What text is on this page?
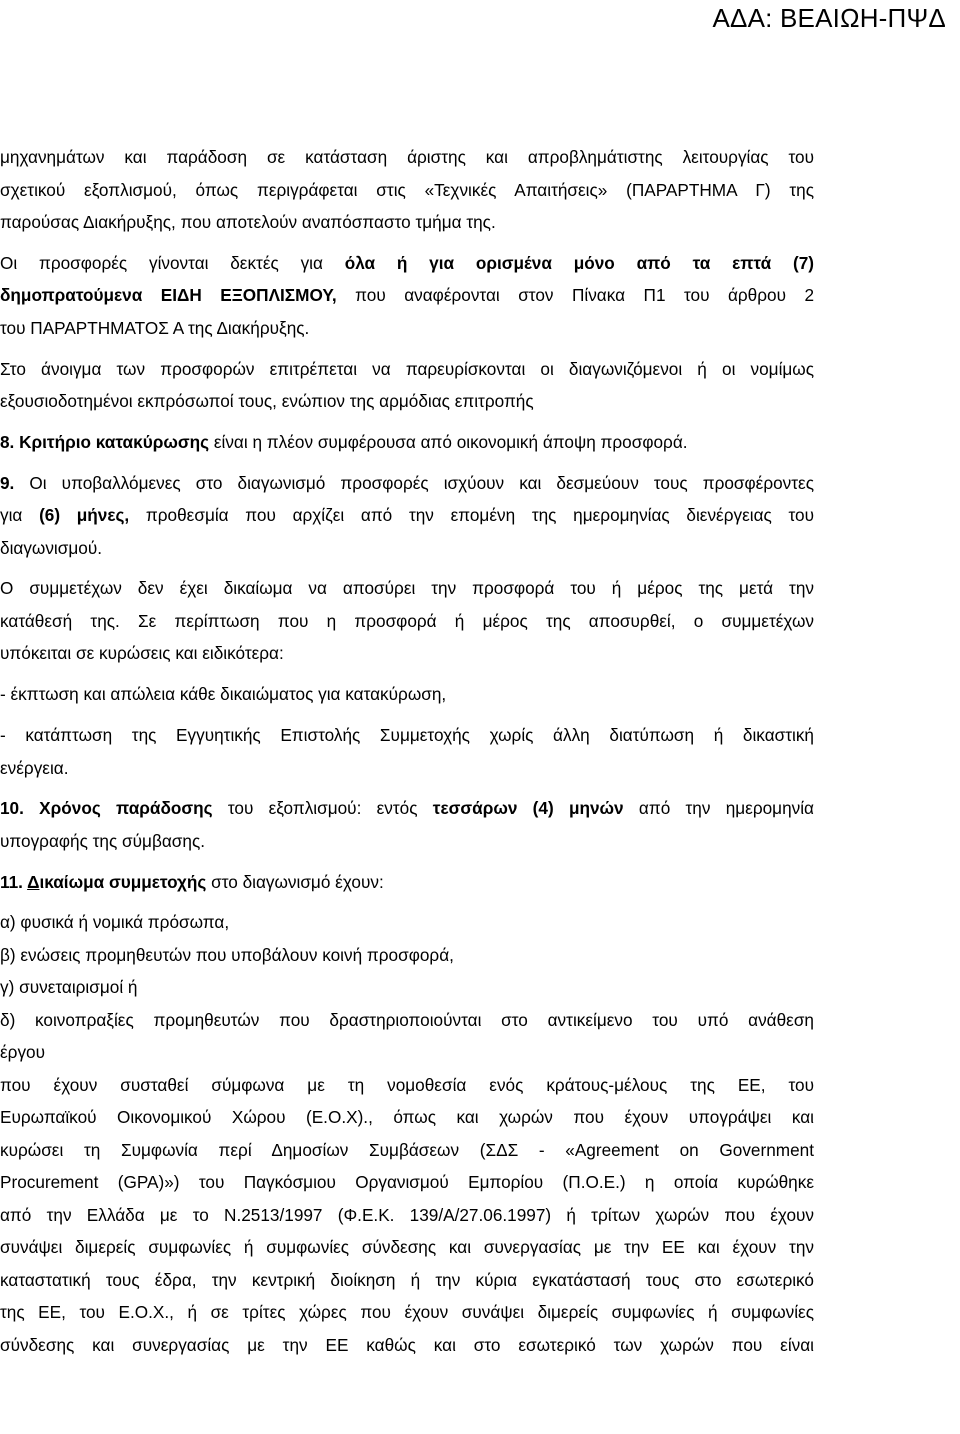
ΑΔΑ: ΒΕΑΙΩΗ-ΠΨΔ
μηχανημάτων και παράδοση σε κατάσταση άριστης και απροβλημάτιστης λειτουργίας του
σχετικού εξοπλισμού, όπως περιγράφεται στις «Τεχνικές Απαιτήσεις» (ΠΑΡΑΡΤΗΜΑ Γ) της
παρούσας Διακήρυξης, που αποτελούν αναπόσπαστο τμήμα της.
Οι προσφορές γίνονται δεκτές για όλα ή για ορισμένα μόνο από τα επτά (7)
δημοπρατούμενα ΕΙΔΗ ΕΞΟΠΛΙΣΜΟΥ, που αναφέρονται στον Πίνακα Π1 του άρθρου 2
του ΠΑΡΑΡΤΗΜΑΤΟΣ Α της Διακήρυξης.
Στο άνοιγμα των προσφορών επιτρέπεται να παρευρίσκονται οι διαγωνιζόμενοι ή οι νομίμως
εξουσιοδοτημένοι εκπρόσωποί τους, ενώπιον της αρμόδιας επιτροπής
8. Κριτήριο κατακύρωσης είναι η πλέον συμφέρουσα από οικονομική άποψη προσφορά.
9. Οι υποβαλλόμενες στο διαγωνισμό προσφορές ισχύουν και δεσμεύουν τους προσφέροντες
για (6) μήνες, προθεσμία που αρχίζει από την επομένη της ημερομηνίας διενέργειας του
διαγωνισμού.
Ο συμμετέχων δεν έχει δικαίωμα να αποσύρει την προσφορά του ή μέρος της μετά την
κατάθεσή της. Σε περίπτωση που η προσφορά ή μέρος της αποσυρθεί, ο συμμετέχων
υπόκειται σε κυρώσεις και ειδικότερα:
- έκπτωση και απώλεια κάθε δικαιώματος για κατακύρωση,
- κατάπτωση της Εγγυητικής Επιστολής Συμμετοχής χωρίς άλλη διατύπωση ή δικαστική
ενέργεια.
10. Χρόνος παράδοσης του εξοπλισμού: εντός τεσσάρων (4) μηνών από την ημερομηνία
υπογραφής της σύμβασης.
11. Δικαίωμα συμμετοχής στο διαγωνισμό έχουν:
α) φυσικά ή νομικά πρόσωπα,
β) ενώσεις προμηθευτών που υποβάλουν κοινή προσφορά,
γ) συνεταιρισμοί ή
δ) κοινοπραξίες προμηθευτών που δραστηριοποιούνται στο αντικείμενο του υπό ανάθεση
έργου
που έχουν συσταθεί σύμφωνα με τη νομοθεσία ενός κράτους-μέλους της ΕΕ, του
Ευρωπαϊκού Οικονομικού Χώρου (Ε.Ο.Χ)., όπως και χωρών που έχουν υπογράψει και
κυρώσει τη Συμφωνία περί Δημοσίων Συμβάσεων (ΣΔΣ - «Agreement on Government
Procurement (GPA)») του Παγκόσμιου Οργανισμού Εμπορίου (Π.Ο.Ε.) η οποία κυρώθηκε
από την Ελλάδα με το Ν.2513/1997 (Φ.Ε.Κ. 139/Α/27.06.1997) ή τρίτων χωρών που έχουν
συνάψει διμερείς συμφωνίες ή συμφωνίες σύνδεσης και συνεργασίας με την ΕΕ και έχουν την
καταστατική τους έδρα, την κεντρική διοίκηση ή την κύρια εγκατάστασή τους στο εσωτερικό
της ΕΕ, του Ε.Ο.Χ., ή σε τρίτες χώρες που έχουν συνάψει διμερείς συμφωνίες ή συμφωνίες
σύνδεσης και συνεργασίας με την ΕΕ καθώς και στο εσωτερικό των χωρών που είναι
